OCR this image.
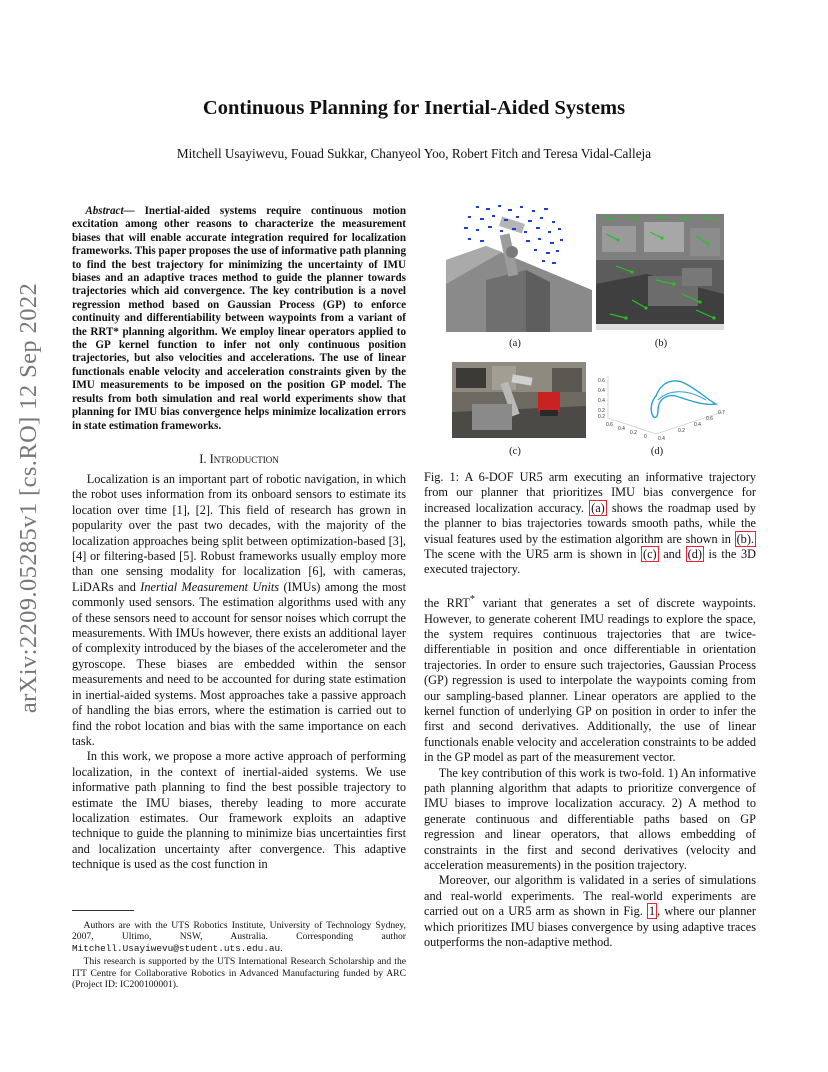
arXiv:2209.05285v1 [cs.RO] 12 Sep 2022
Continuous Planning for Inertial-Aided Systems
Mitchell Usayiwevu, Fouad Sukkar, Chanyeol Yoo, Robert Fitch and Teresa Vidal-Calleja

Abstract— Inertial-aided systems require continuous motion excitation among other reasons to characterize the measurement biases that will enable accurate integration required for localization frameworks. This paper proposes the use of informative path planning to find the best trajectory for minimizing the uncertainty of IMU biases and an adaptive traces method to guide the planner towards trajectories which aid convergence. The key contribution is a novel regression method based on Gaussian Process (GP) to enforce continuity and differentiability between waypoints from a variant of the RRT* planning algorithm. We employ linear operators applied to the GP kernel function to infer not only continuous position trajectories, but also velocities and accelerations. The use of linear functionals enable velocity and acceleration constraints given by the IMU measurements to be imposed on the position GP model. The results from both simulation and real world experiments show that planning for IMU bias convergence helps minimize localization errors in state estimation frameworks.

I. Introduction

Localization is an important part of robotic navigation, in which the robot uses information from its onboard sensors to estimate its location over time [1], [2]. This field of research has grown in popularity over the past two decades, with the majority of the localization approaches being split between optimization-based [3], [4] or filtering-based [5]. Robust frameworks usually employ more than one sensing modality for localization [6], with cameras, LiDARs and Inertial Measurement Units (IMUs) among the most commonly used sensors. The estimation algorithms used with any of these sensors need to account for sensor noises which corrupt the measurements. With IMUs however, there exists an additional layer of complexity introduced by the biases of the accelerometer and the gyroscope. These biases are embedded within the sensor measurements and need to be accounted for during state estimation in inertial-aided systems. Most approaches take a passive approach of handling the bias errors, where the estimation is carried out to find the robot location and bias with the same importance on each task.

In this work, we propose a more active approach of performing localization, in the context of inertial-aided systems. We use informative path planning to find the best possible trajectory to estimate the IMU biases, thereby leading to more accurate localization estimates. Our framework exploits an adaptive technique to guide the planning to minimize bias uncertainties first and localization uncertainty after convergence. This adaptive technique is used as the cost function in

Authors are with the UTS Robotics Institute, University of Technology Sydney, 2007, Ultimo, NSW, Australia. Corresponding author Mitchell.Usayiwevu@student.uts.edu.au.

This research is supported by the UTS International Research Scholarship and the ITT Centre for Collaborative Robotics in Advanced Manufacturing funded by ARC (Project ID: IC200100001).

(a)	(b)
0.6
0.4
0.4
0.2
0.2
0.6
0.4
0.2
0 0.4
0.2
0.4
0.6
0.7
(c)	(d)

Fig. 1: A 6-DOF UR5 arm executing an informative trajectory from our planner that prioritizes IMU bias convergence for increased localization accuracy. (a) shows the roadmap used by the planner to bias trajectories towards smooth paths, while the visual features used by the estimation algorithm are shown in (b). The scene with the UR5 arm is shown in (c) and (d) is the 3D executed trajectory.

the RRT* variant that generates a set of discrete waypoints. However, to generate coherent IMU readings to explore the space, the system requires continuous trajectories that are twice-differentiable in position and once differentiable in orientation trajectories. In order to ensure such trajectories, Gaussian Process (GP) regression is used to interpolate the waypoints coming from our sampling-based planner. Linear operators are applied to the kernel function of underlying GP on position in order to infer the first and second derivatives. Additionally, the use of linear functionals enable velocity and acceleration constraints to be added in the GP model as part of the measurement vector.

The key contribution of this work is two-fold. 1) An informative path planning algorithm that adapts to prioritize convergence of IMU biases to improve localization accuracy. 2) A method to generate continuous and differentiable paths based on GP regression and linear operators, that allows embedding of constraints in the first and second derivatives (velocity and acceleration measurements) in the position trajectory.

Moreover, our algorithm is validated in a series of simulations and real-world experiments. The real-world experiments are carried out on a UR5 arm as shown in Fig. 1 , where our planner which prioritizes IMU biases convergence by using adaptive traces outperforms the non-adaptive method.
